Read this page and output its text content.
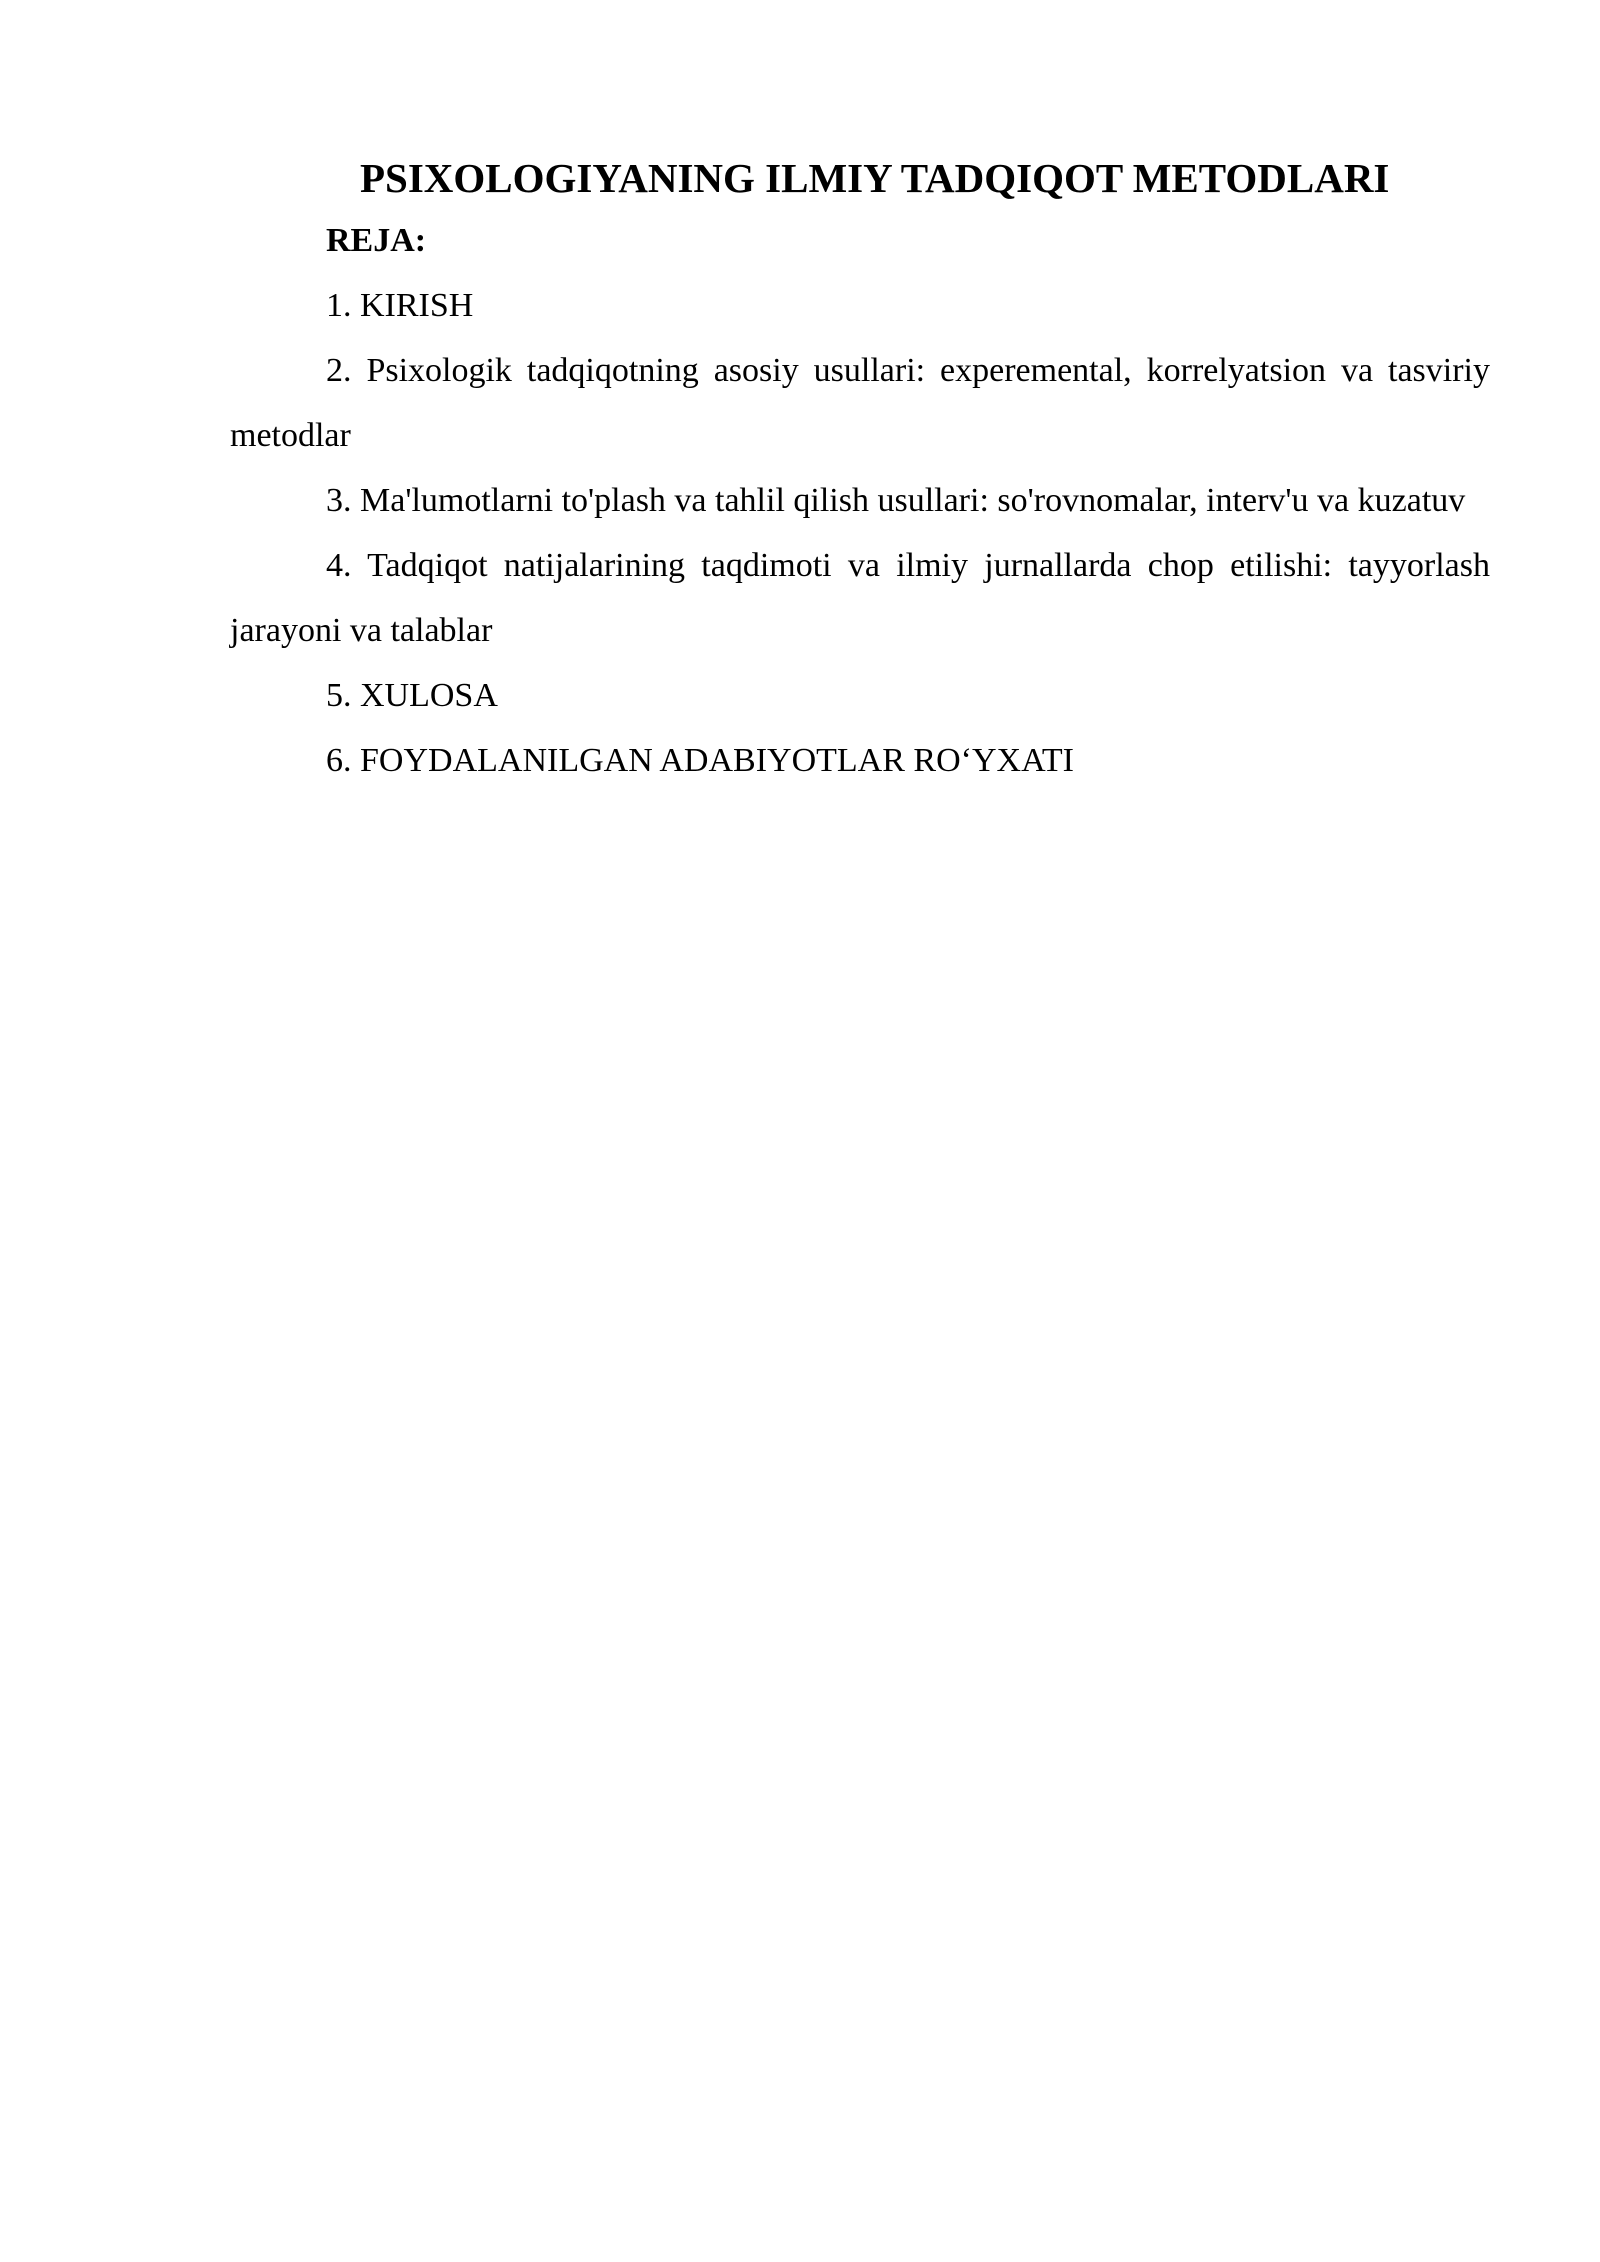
PSIXOLOGIYANING ILMIY TADQIQOT METODLARI

REJA:

1. KIRISH

2. Psixologik tadqiqotning asosiy usullari: experemental, korrelyatsion va tasviriy metodlar

3. Ma'lumotlarni to'plash va tahlil qilish usullari: so'rovnomalar, interv'u va kuzatuv

4. Tadqiqot natijalarining taqdimoti va ilmiy jurnallarda chop etilishi: tayyorlash jarayoni va talablar

5. XULOSA

6. FOYDALANILGAN ADABIYOTLAR RO‘YXATI
